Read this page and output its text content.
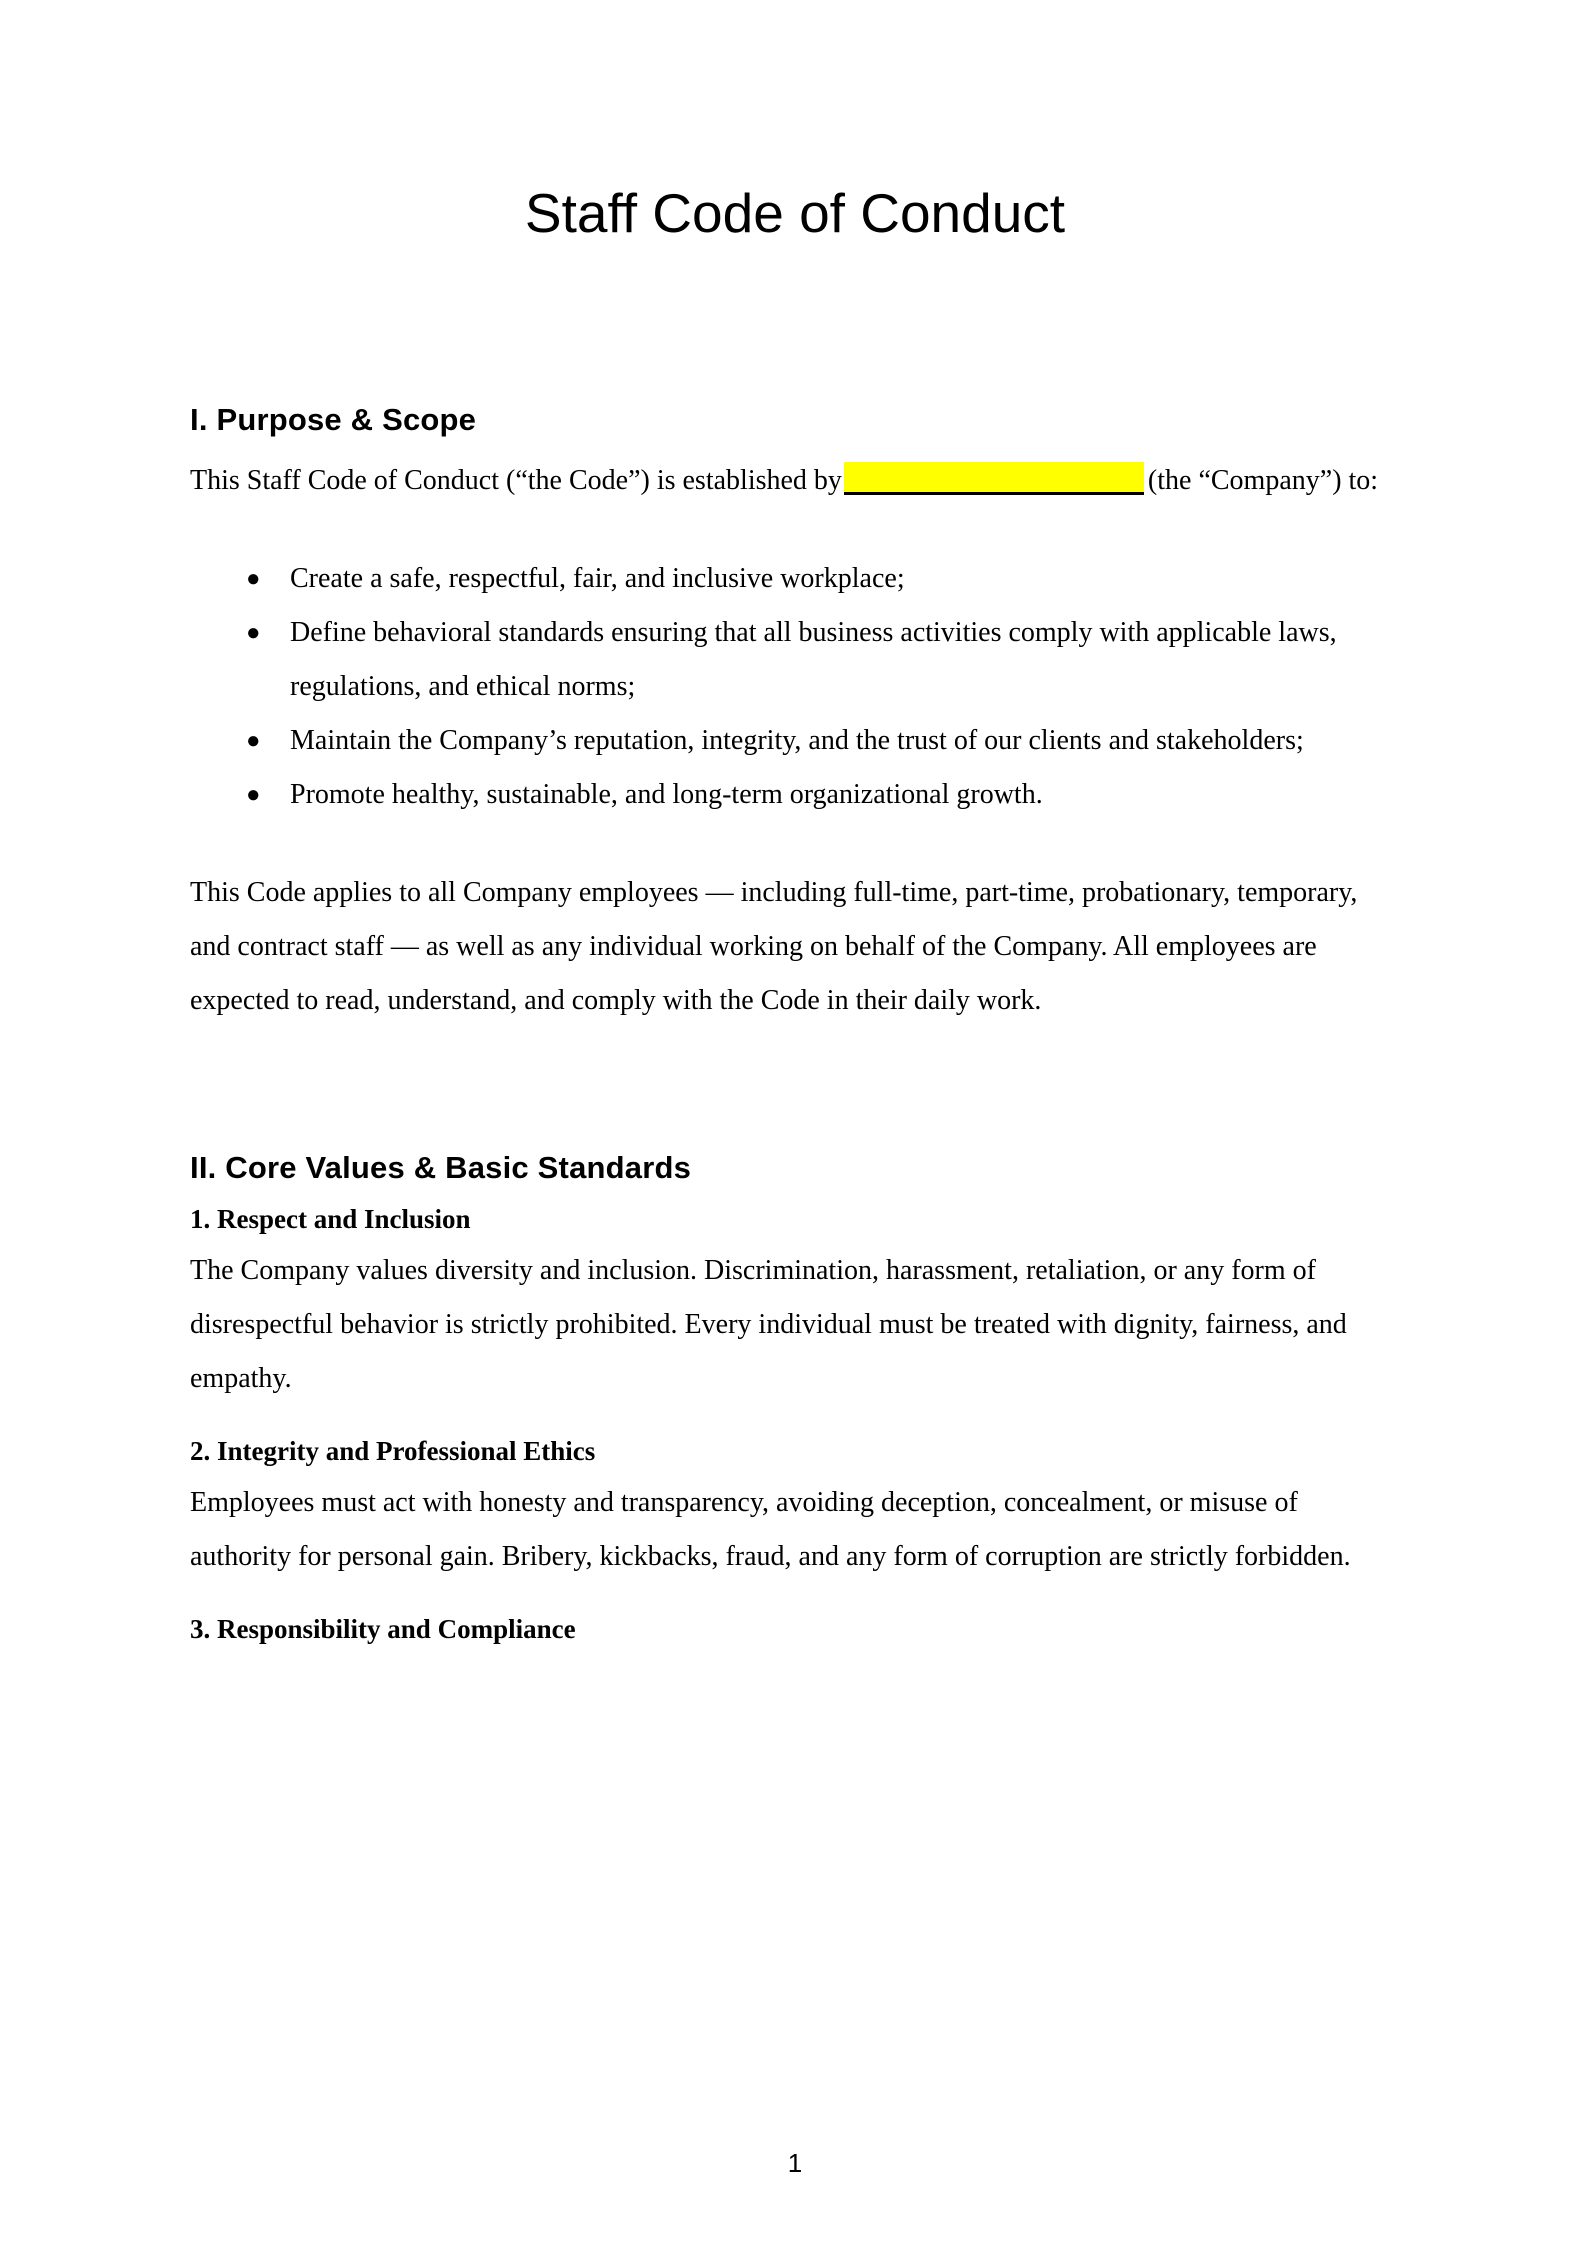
Staff Code of Conduct
I. Purpose & Scope

This Staff Code of Conduct (“the Code”) is established by	(the “Company”) to:

● Create a safe, respectful, fair, and inclusive workplace;
● Define behavioral standards ensuring that all business activities comply with applicable laws, regulations, and ethical norms;
● Maintain the Company’s reputation, integrity, and the trust of our clients and stakeholders;
● Promote healthy, sustainable, and long-term organizational growth.

This Code applies to all Company employees — including full-time, part-time, probationary, temporary, and contract staff — as well as any individual working on behalf of the Company. All employees are expected to read, understand, and comply with the Code in their daily work.

II. Core Values & Basic Standards
1. Respect and Inclusion

The Company values diversity and inclusion. Discrimination, harassment, retaliation, or any form of disrespectful behavior is strictly prohibited. Every individual must be treated with dignity, fairness, and empathy.

2. Integrity and Professional Ethics

Employees must act with honesty and transparency, avoiding deception, concealment, or misuse of authority for personal gain. Bribery, kickbacks, fraud, and any form of corruption are strictly forbidden.

3. Responsibility and Compliance
1
